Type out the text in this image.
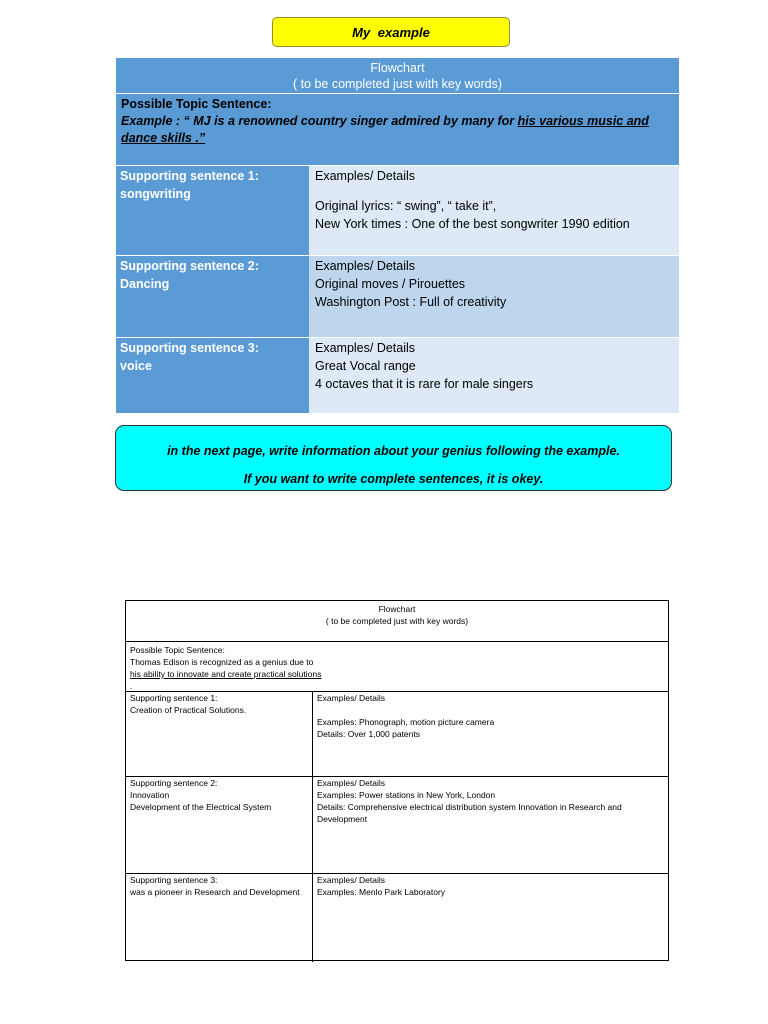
My example
Flowchart
( to be completed just with key words)
Possible Topic Sentence:
Example : “ MJ is a renowned country singer admired by many for his various music and dance skills .”
Supporting sentence 1:
songwriting
Examples/ Details
Original lyrics: “ swing”, “ take it”,
New York times : One of the best songwriter 1990 edition
Supporting sentence 2:
Dancing
Examples/ Details
Original moves / Pirouettes
Washington Post : Full of creativity
Supporting sentence 3:
voice
Examples/ Details
Great Vocal range
4 octaves that it is rare for male singers
in the next page, write information about your genius following the example.
If you want to write complete sentences, it is okey.
Flowchart
( to be completed just with key words)
Possible Topic Sentence:
Thomas Edison is recognized as a genius due to
his ability to innovate and create practical solutions
.
Supporting sentence 1:
Creation of Practical Solutions.
Examples/ Details
Examples: Phonograph, motion picture camera
Details: Over 1,000 patents
Supporting sentence 2:
Innovation
Development of the Electrical System
Examples/ Details
Examples: Power stations in New York, London
Details: Comprehensive electrical distribution system Innovation in Research and Development
Supporting sentence 3:
was a pioneer in Research and Development
Examples/ Details
Examples: Menlo Park Laboratory
